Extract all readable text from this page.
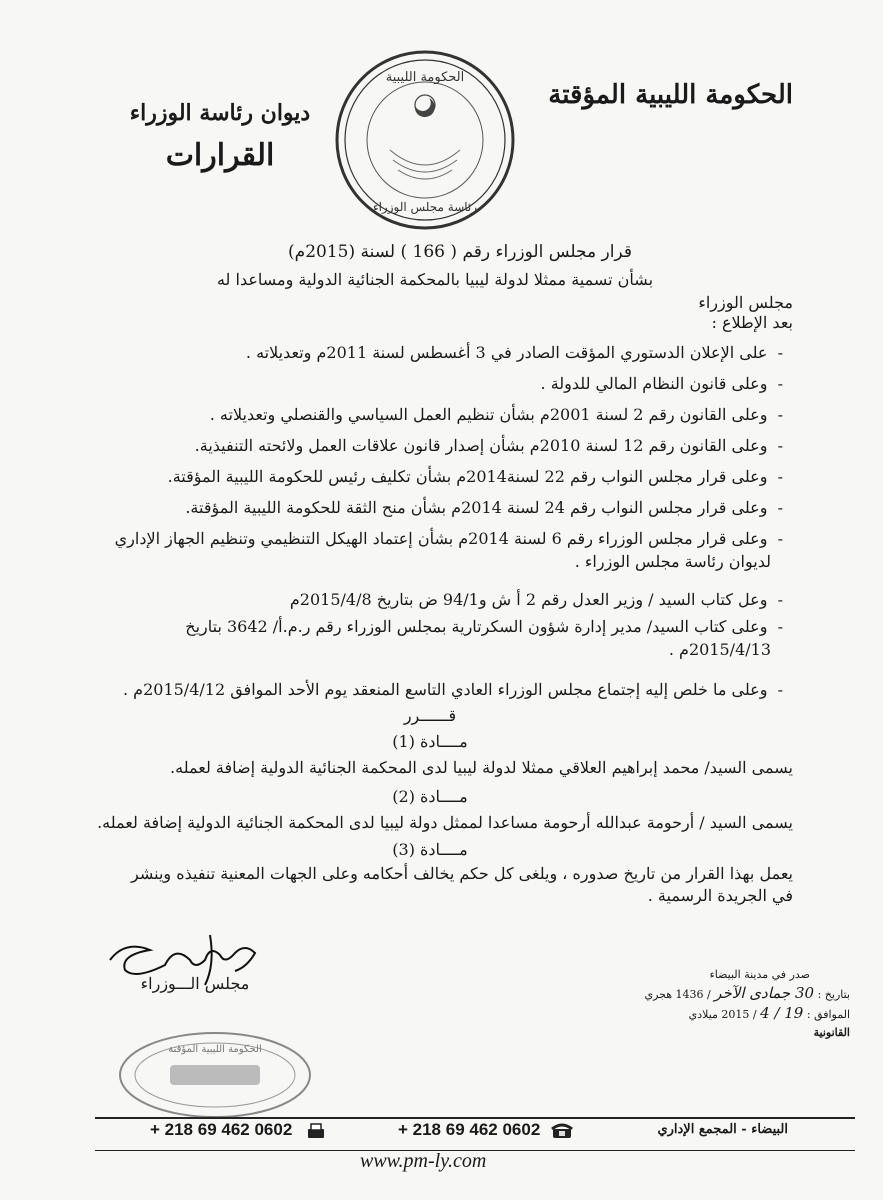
الحكومة الليبية المؤقتة
ديوان رئاسة الوزراء
القرارات
الحكومة الليبية
رئاسة مجلس الوزراء
قرار مجلس الوزراء رقم ( 166 ) لسنة (2015م)
بشأن تسمية ممثلا لدولة ليبيا بالمحكمة الجنائية الدولية ومساعدا له
مجلس الوزراء
بعد الإطلاع :
-  على الإعلان الدستوري المؤقت الصادر في 3 أغسطس لسنة 2011م وتعديلاته .
-  وعلى قانون النظام المالي للدولة .
-  وعلى القانون رقم 2 لسنة 2001م بشأن تنظيم العمل السياسي والقنصلي وتعديلاته .
-  وعلى القانون رقم 12 لسنة 2010م بشأن إصدار قانون علاقات العمل ولائحته التنفيذية.
-  وعلى قرار مجلس النواب رقم 22 لسنة2014م بشأن تكليف رئيس للحكومة الليبية المؤقتة.
-  وعلى قرار مجلس النواب رقم 24 لسنة 2014م بشأن منح الثقة للحكومة الليبية المؤقتة.
-  وعلى قرار مجلس الوزراء رقم 6 لسنة 2014م بشأن إعتماد الهيكل التنظيمي وتنظيم الجهاز الإداري
لديوان رئاسة مجلس الوزراء .
-  وعل كتاب السيد / وزير العدل رقم 2 أ ش و94/1 ض بتاريخ 2015/4/8م
-  وعلى كتاب السيد/ مدير إدارة شؤون السكرتارية بمجلس الوزراء رقم ر.م.أ/ 3642 بتاريخ
2015/4/13م .
-  وعلى ما خلص إليه إجتماع مجلس الوزراء العادي التاسع المنعقد يوم الأحد الموافق 2015/4/12م .
قــــــرر
مــــادة (1)
يسمى السيد/ محمد إبراهيم العلاقي ممثلا لدولة ليبيا لدى المحكمة الجنائية الدولية إضافة لعمله.
مــــادة (2)
يسمى السيد / أرحومة عبدالله أرحومة مساعدا لممثل دولة ليبيا لدى المحكمة الجنائية الدولية إضافة لعمله.
مــــادة (3)
يعمل بهذا القرار من تاريخ صدوره ، ويلغى كل حكم يخالف أحكامه وعلى الجهات المعنية تنفيذه وينشر
في الجريدة الرسمية .
مجلس الـــوزراء	صدر في مدينة البيضاء
بتاريخ : 30 جمادى الآخر / 1436 هجري
الموافق : 19 / 4 / 2015 ميلادي
القانونية
الحكومة الليبية المؤقتة
البيضاء - المجمع الإداري
+ 218 69 462 0602
+ 218 69 462 0602
www.pm-ly.com
